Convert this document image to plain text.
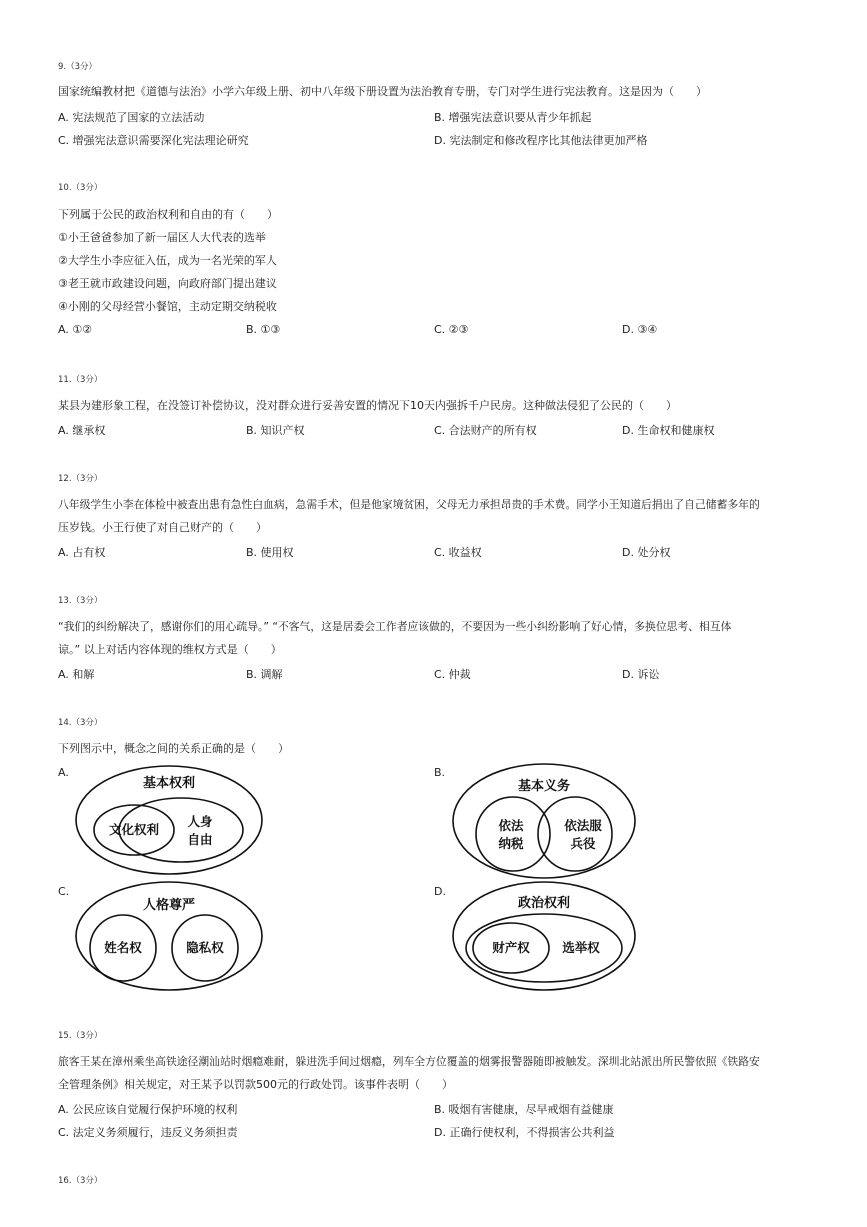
9.（3分）
国家统编教材把《道德与法治》小学六年级上册、初中八年级下册设置为法治教育专册，专门对学生进行宪法教育。这是因为（　　）
A. 宪法规范了国家的立法活动	B. 增强宪法意识要从青少年抓起
C. 增强宪法意识需要深化宪法理论研究	D. 宪法制定和修改程序比其他法律更加严格
10.（3分）
下列属于公民的政治权利和自由的有（　　）
①小王爸爸参加了新一届区人大代表的选举
②大学生小李应征入伍，成为一名光荣的军人
③老王就市政建设问题，向政府部门提出建议
④小刚的父母经营小餐馆，主动定期交纳税收
A. ①②	B. ①③	C. ②③	D. ③④
11.（3分）
某县为建形象工程，在没签订补偿协议，没对群众进行妥善安置的情况下10天内强拆千户民房。这种做法侵犯了公民的（　　）
A. 继承权	B. 知识产权	C. 合法财产的所有权	D. 生命权和健康权
12.（3分）
八年级学生小李在体检中被查出患有急性白血病，急需手术，但是他家境贫困，父母无力承担昂贵的手术费。同学小王知道后捐出了自己储蓄多年的
压岁钱。小王行使了对自己财产的（　　）
A. 占有权	B. 使用权	C. 收益权	D. 处分权
13.（3分）
“我们的纠纷解决了，感谢你们的用心疏导。” “不客气，这是居委会工作者应该做的，不要因为一些小纠纷影响了好心情，多换位思考、相互体
谅。” 以上对话内容体现的维权方式是（　　）
A. 和解	B. 调解	C. 仲裁	D. 诉讼
14.（3分）
下列图示中，概念之间的关系正确的是（　　）
A.
基本权利
文化权利
人身
自由
B.
基本义务
依法
纳税
依法服
兵役
C.
人格尊严
姓名权	隐私权
D.
政治权利
财产权	选举权
15.（3分）
旅客王某在漳州乘坐高铁途径潮汕站时烟瘾难耐，躲进洗手间过烟瘾，列车全方位覆盖的烟雾报警器随即被触发。深圳北站派出所民警依照《铁路安
全管理条例》相关规定，对王某予以罚款500元的行政处罚。该事件表明（　　）
A. 公民应该自觉履行保护环境的权利	B. 吸烟有害健康，尽早戒烟有益健康
C. 法定义务须履行，违反义务须担责	D. 正确行使权利，不得损害公共利益
16.（3分）
